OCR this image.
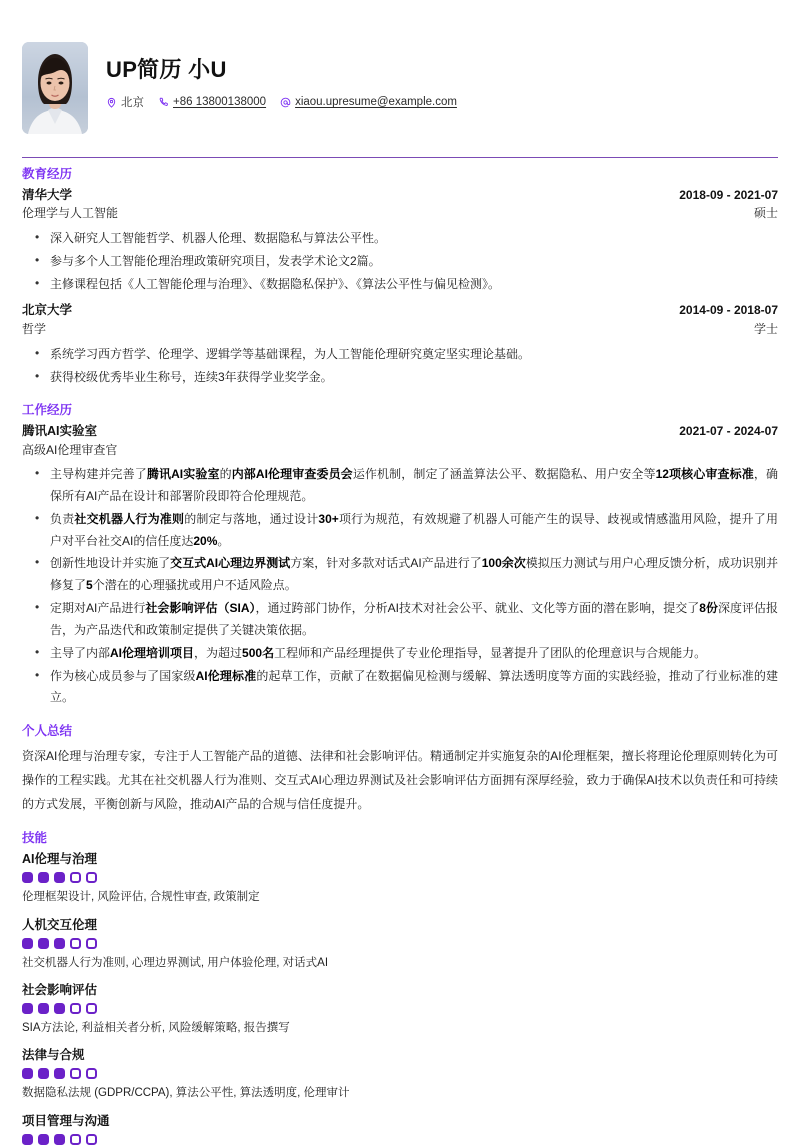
UP简历 小U
北京	+86 13800138000	xiaou.upresume@example.com
教育经历
清华大学	2018-09 - 2021-07
伦理学与人工智能	硕士
• 深入研究人工智能哲学、机器人伦理、数据隐私与算法公平性。
• 参与多个人工智能伦理治理政策研究项目，发表学术论文2篇。
• 主修课程包括《人工智能伦理与治理》、《数据隐私保护》、《算法公平性与偏见检测》。
北京大学	2014-09 - 2018-07
哲学	学士
• 系统学习西方哲学、伦理学、逻辑学等基础课程，为人工智能伦理研究奠定坚实理论基础。
• 获得校级优秀毕业生称号，连续3年获得学业奖学金。
工作经历
腾讯AI实验室	2021-07 - 2024-07
高级AI伦理审查官
• 主导构建并完善了腾讯AI实验室的内部AI伦理审查委员会运作机制，制定了涵盖算法公平、数据隐私、用户安全等12项核心审查标准，确保所有AI产品在设计和部署阶段即符合伦理规范。
• 负责社交机器人行为准则的制定与落地，通过设计30+项行为规范，有效规避了机器人可能产生的误导、歧视或情感滥用风险，提升了用户对平台社交AI的信任度达20%。
• 创新性地设计并实施了交互式AI心理边界测试方案，针对多款对话式AI产品进行了100余次模拟压力测试与用户心理反馈分析，成功识别并修复了5个潜在的心理骚扰或用户不适风险点。
• 定期对AI产品进行社会影响评估（SIA），通过跨部门协作，分析AI技术对社会公平、就业、文化等方面的潜在影响，提交了8份深度评估报告，为产品迭代和政策制定提供了关键决策依据。
• 主导了内部AI伦理培训项目，为超过500名工程师和产品经理提供了专业伦理指导，显著提升了团队的伦理意识与合规能力。
• 作为核心成员参与了国家级AI伦理标准的起草工作，贡献了在数据偏见检测与缓解、算法透明度等方面的实践经验，推动了行业标准的建立。
个人总结

资深AI伦理与治理专家，专注于人工智能产品的道德、法律和社会影响评估。精通制定并实施复杂的AI伦理框架，擅长将理论伦理原则转化为可操作的工程实践。尤其在社交机器人行为准则、交互式AI心理边界测试及社会影响评估方面拥有深厚经验，致力于确保AI技术以负责任和可持续的方式发展，平衡创新与风险，推动AI产品的合规与信任度提升。

技能
AI伦理与治理
伦理框架设计, 风险评估, 合规性审查, 政策制定
人机交互伦理
社交机器人行为准则, 心理边界测试, 用户体验伦理, 对话式AI
社会影响评估
SIA方法论, 利益相关者分析, 风险缓解策略, 报告撰写
法律与合规
数据隐私法规 (GDPR/CCPA), 算法公平性, 算法透明度, 伦理审计
项目管理与沟通
